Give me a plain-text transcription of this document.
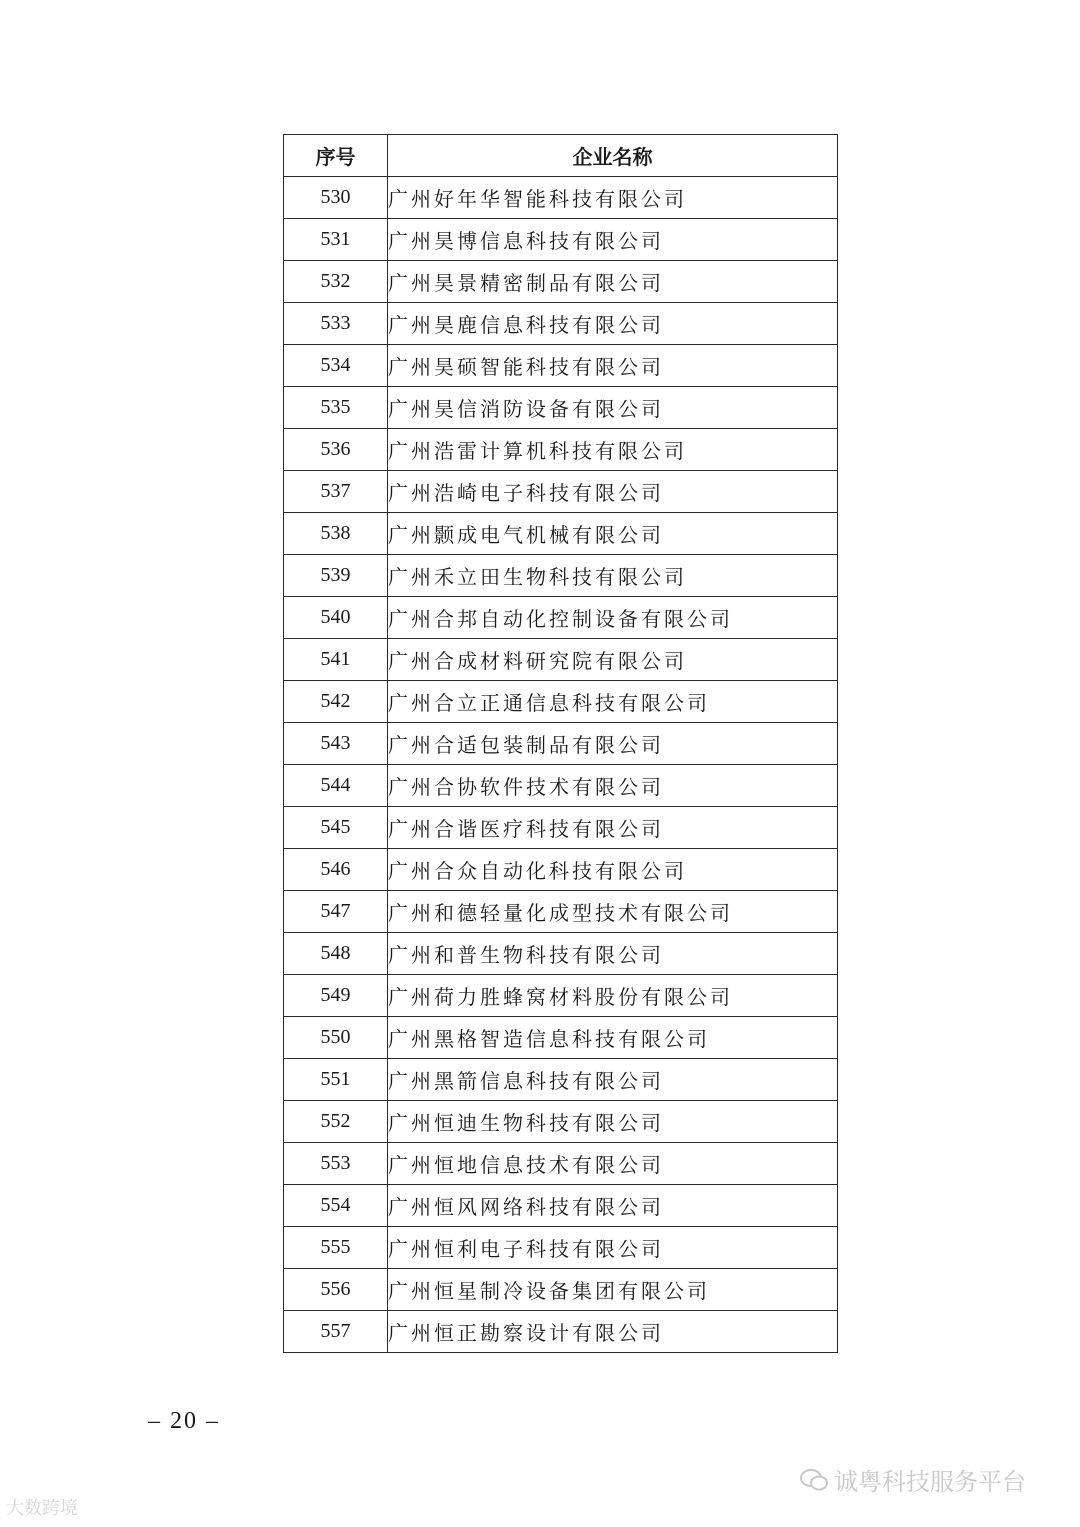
序号	企业名称
530	广州好年华智能科技有限公司
531	广州昊博信息科技有限公司
532	广州昊景精密制品有限公司
533	广州昊鹿信息科技有限公司
534	广州昊硕智能科技有限公司
535	广州昊信消防设备有限公司
536	广州浩雷计算机科技有限公司
537	广州浩崎电子科技有限公司
538	广州颢成电气机械有限公司
539	广州禾立田生物科技有限公司
540	广州合邦自动化控制设备有限公司
541	广州合成材料研究院有限公司
542	广州合立正通信息科技有限公司
543	广州合适包装制品有限公司
544	广州合协软件技术有限公司
545	广州合谐医疗科技有限公司
546	广州合众自动化科技有限公司
547	广州和德轻量化成型技术有限公司
548	广州和普生物科技有限公司
549	广州荷力胜蜂窝材料股份有限公司
550	广州黑格智造信息科技有限公司
551	广州黑箭信息科技有限公司
552	广州恒迪生物科技有限公司
553	广州恒地信息技术有限公司
554	广州恒风网络科技有限公司
555	广州恒利电子科技有限公司
556	广州恒星制冷设备集团有限公司
557	广州恒正勘察设计有限公司
– 20 –
大数跨境
诚粤科技服务平台
